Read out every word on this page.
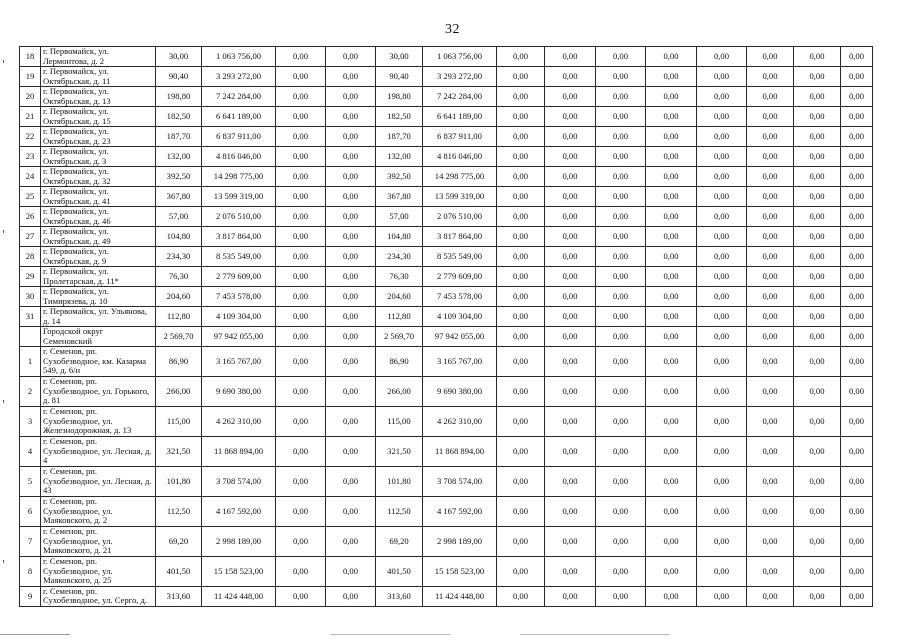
32
18	г. Первомайск, ул. Лермонтова, д. 2	30,00	1 063 756,00	0,00	0,00	30,00	1 063 756,00	0,00	0,00	0,00	0,00	0,00	0,00	0,00	0,00
19	г. Первомайск, ул. Октябрьская, д. 11	90,40	3 293 272,00	0,00	0,00	90,40	3 293 272,00	0,00	0,00	0,00	0,00	0,00	0,00	0,00	0,00
20	г. Первомайск, ул. Октябрьская, д. 13	198,80	7 242 284,00	0,00	0,00	198,80	7 242 284,00	0,00	0,00	0,00	0,00	0,00	0,00	0,00	0,00
21	г. Первомайск, ул. Октябрьская, д. 15	182,50	6 641 189,00	0,00	0,00	182,50	6 641 189,00	0,00	0,00	0,00	0,00	0,00	0,00	0,00	0,00
22	г. Первомайск, ул. Октябрьская, д. 23	187,70	6 837 911,00	0,00	0,00	187,70	6 837 911,00	0,00	0,00	0,00	0,00	0,00	0,00	0,00	0,00
23	г. Первомайск, ул. Октябрьская, д. 3	132,00	4 816 046,00	0,00	0,00	132,00	4 816 046,00	0,00	0,00	0,00	0,00	0,00	0,00	0,00	0,00
24	г. Первомайск, ул. Октябрьская, д. 32	392,50	14 298 775,00	0,00	0,00	392,50	14 298 775,00	0,00	0,00	0,00	0,00	0,00	0,00	0,00	0,00
25	г. Первомайск, ул. Октябрьская, д. 41	367,80	13 599 319,00	0,00	0,00	367,80	13 599 319,00	0,00	0,00	0,00	0,00	0,00	0,00	0,00	0,00
26	г. Первомайск, ул. Октябрьская, д. 46	57,00	2 076 510,00	0,00	0,00	57,00	2 076 510,00	0,00	0,00	0,00	0,00	0,00	0,00	0,00	0,00
27	г. Первомайск, ул. Октябрьская, д. 49	104,80	3 817 864,00	0,00	0,00	104,80	3 817 864,00	0,00	0,00	0,00	0,00	0,00	0,00	0,00	0,00
28	г. Первомайск, ул. Октябрьская, д. 9	234,30	8 535 549,00	0,00	0,00	234,30	8 535 549,00	0,00	0,00	0,00	0,00	0,00	0,00	0,00	0,00
29	г. Первомайск, ул. Пролетарская, д. 11*	76,30	2 779 609,00	0,00	0,00	76,30	2 779 609,00	0,00	0,00	0,00	0,00	0,00	0,00	0,00	0,00
30	г. Первомайск, ул. Тимирязева, д. 10	204,60	7 453 578,00	0,00	0,00	204,60	7 453 578,00	0,00	0,00	0,00	0,00	0,00	0,00	0,00	0,00
31	г. Первомайск, ул. Ульянова, д. 14	112,80	4 109 304,00	0,00	0,00	112,80	4 109 304,00	0,00	0,00	0,00	0,00	0,00	0,00	0,00	0,00
	Городской округ Семеновский	2 569,70	97 942 055,00	0,00	0,00	2 569,70	97 942 055,00	0,00	0,00	0,00	0,00	0,00	0,00	0,00	0,00
1	г. Семенов, рп. Сухобезводное, км. Казарма 549, д. 6/н	86,90	3 165 767,00	0,00	0,00	86,90	3 165 767,00	0,00	0,00	0,00	0,00	0,00	0,00	0,00	0,00
2	г. Семенов, рп. Сухобезводное, ул. Горького, д. 81	266,00	9 690 380,00	0,00	0,00	266,00	9 690 380,00	0,00	0,00	0,00	0,00	0,00	0,00	0,00	0,00
3	г. Семенов, рп. Сухобезводное, ул. Железнодорожная, д. 13	115,00	4 262 310,00	0,00	0,00	115,00	4 262 310,00	0,00	0,00	0,00	0,00	0,00	0,00	0,00	0,00
4	г. Семенов, рп. Сухобезводное, ул. Лесная, д. 4	321,50	11 868 894,00	0,00	0,00	321,50	11 868 894,00	0,00	0,00	0,00	0,00	0,00	0,00	0,00	0,00
5	г. Семенов, рп. Сухобезводное, ул. Лесная, д. 43	101,80	3 708 574,00	0,00	0,00	101,80	3 708 574,00	0,00	0,00	0,00	0,00	0,00	0,00	0,00	0,00
6	г. Семенов, рп. Сухобезводное, ул. Маяковского, д. 2	112,50	4 167 592,00	0,00	0,00	112,50	4 167 592,00	0,00	0,00	0,00	0,00	0,00	0,00	0,00	0,00
7	г. Семенов, рп. Сухобезводное, ул. Маяковского, д. 21	69,20	2 998 189,00	0,00	0,00	69,20	2 998 189,00	0,00	0,00	0,00	0,00	0,00	0,00	0,00	0,00
8	г. Семенов, рп. Сухобезводное, ул. Маяковского, д. 25	401,50	15 158 523,00	0,00	0,00	401,50	15 158 523,00	0,00	0,00	0,00	0,00	0,00	0,00	0,00	0,00
9	г. Семенов, рп. Сухобезводное, ул. Серго, д.	313,60	11 424 448,00	0,00	0,00	313,60	11 424 448,00	0,00	0,00	0,00	0,00	0,00	0,00	0,00	0,00
